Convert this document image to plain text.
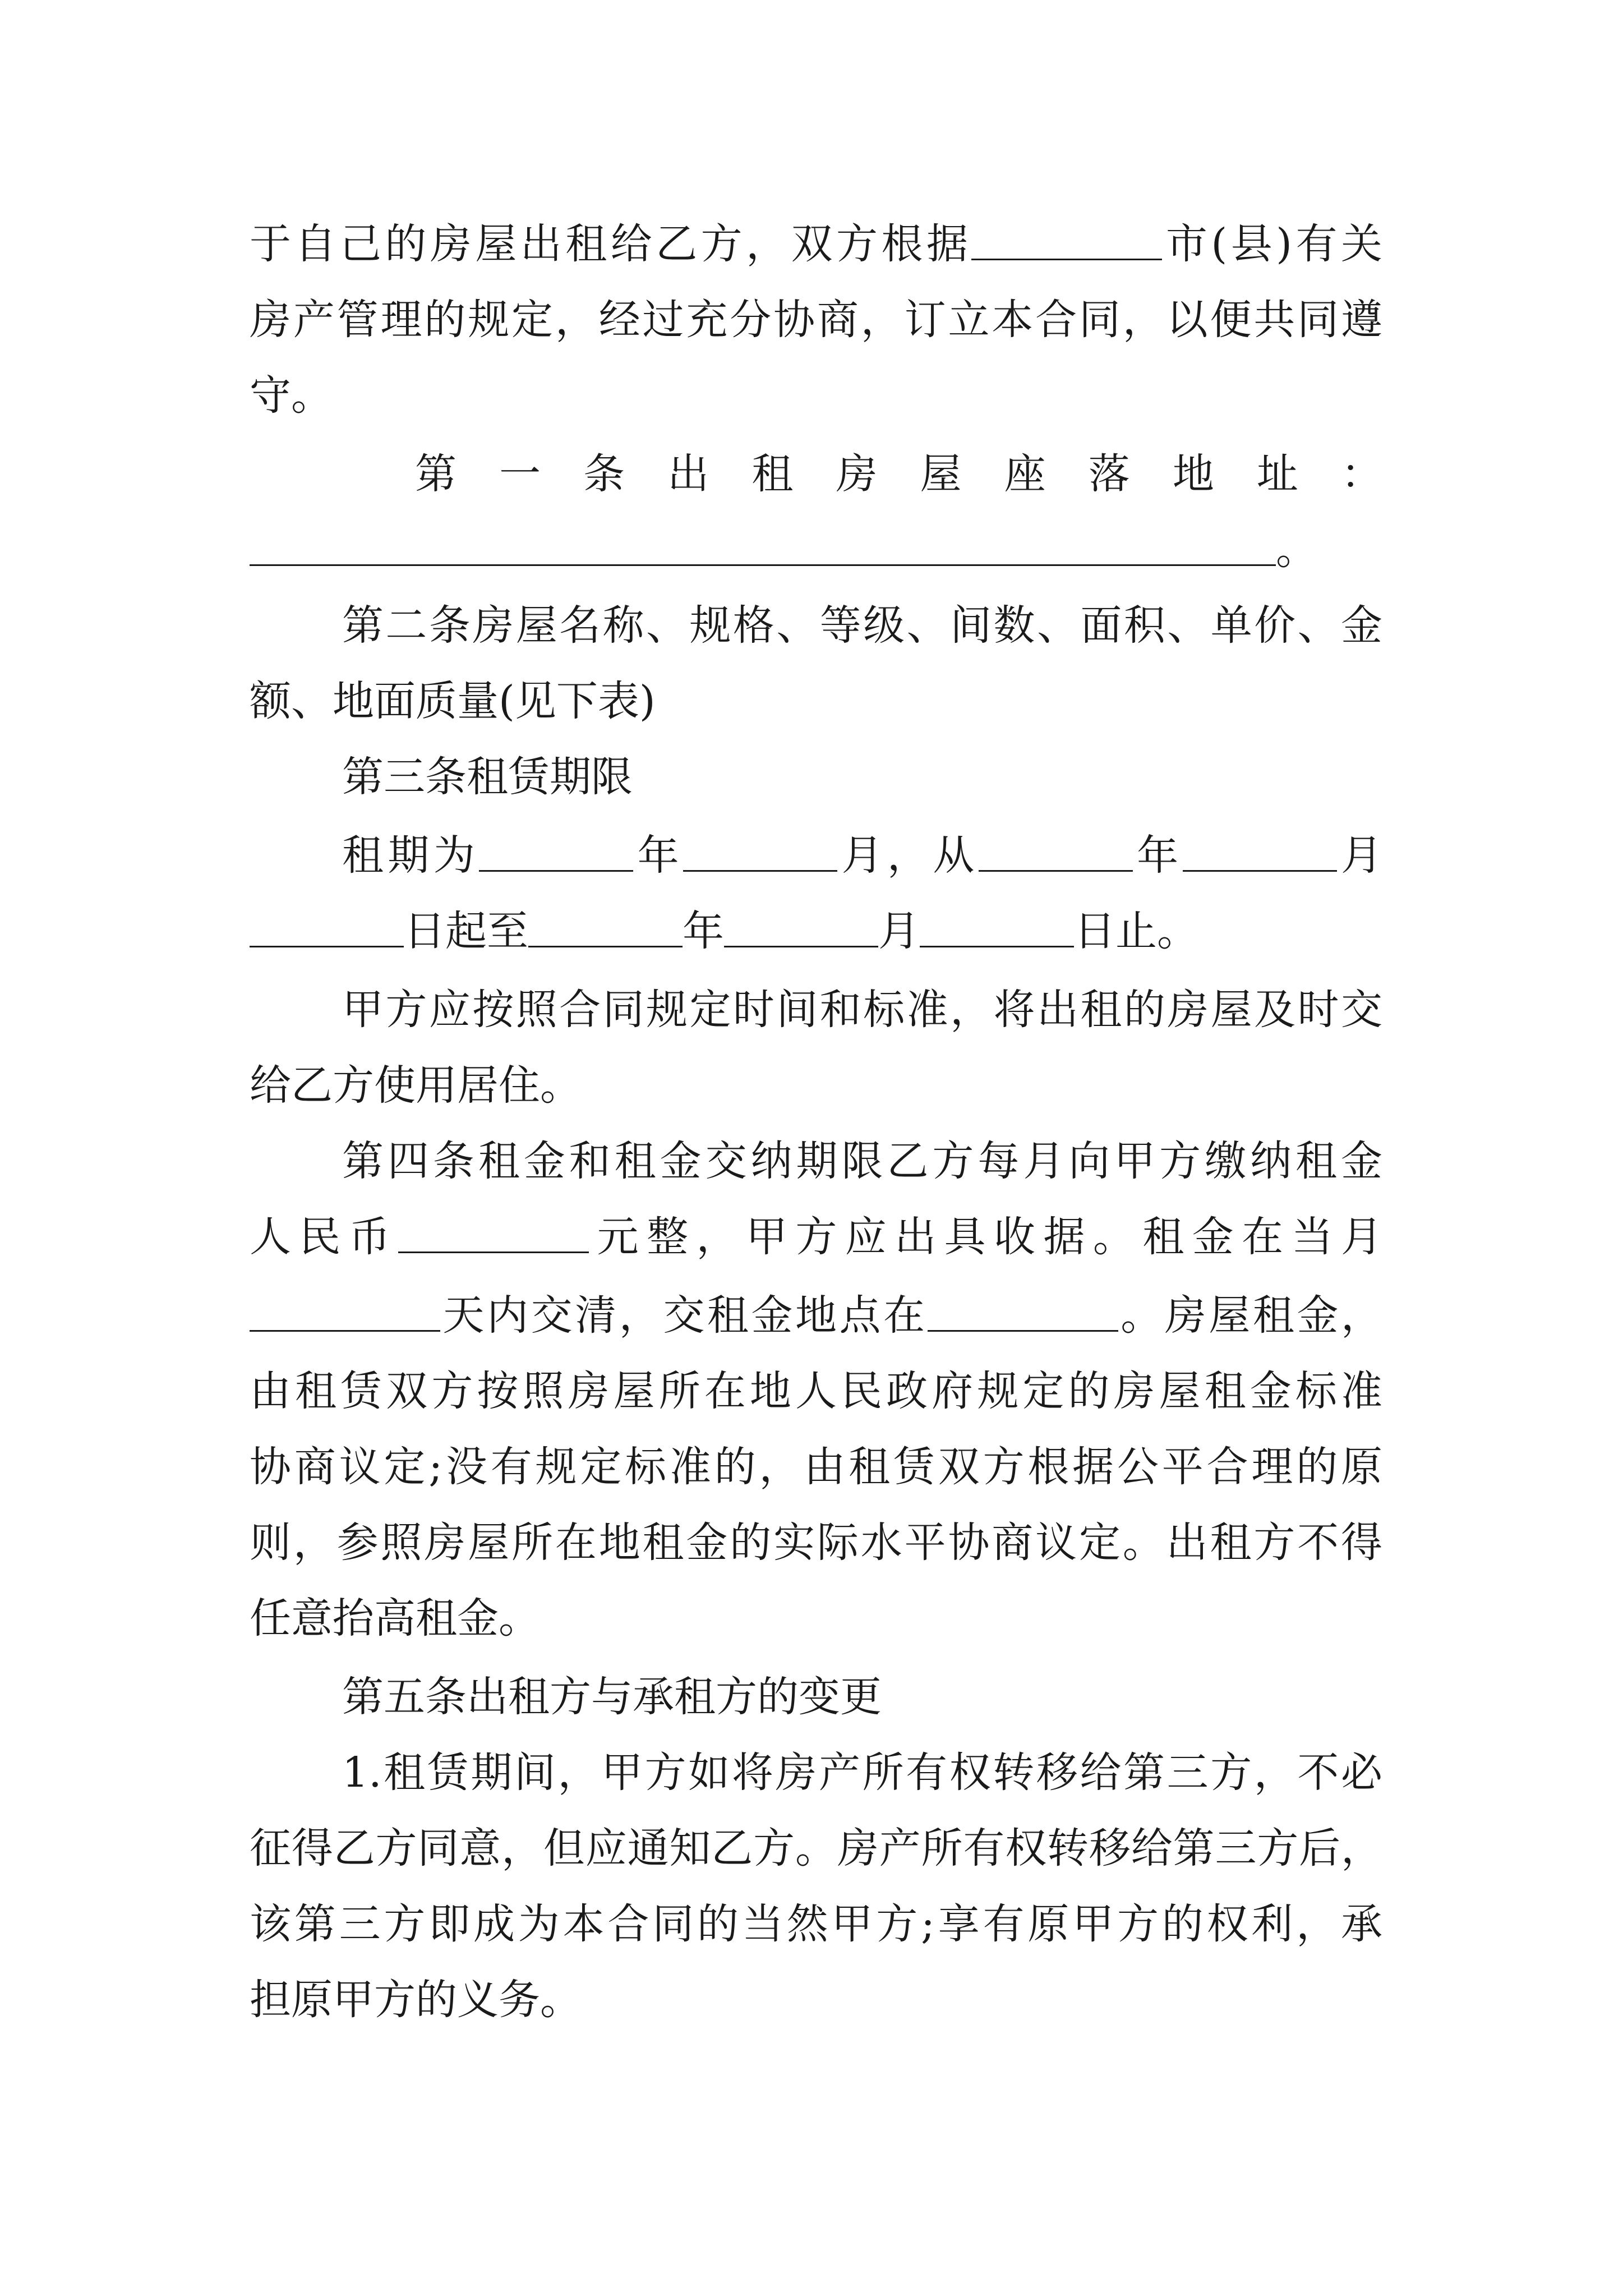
于自己的房屋出租给乙方，双方根据	市(县)有关
房产管理的规定，经过充分协商，订立本合同，以便共同遵
守。
第 一 条 出 租 房 屋 座 落 地 址 ：
。
第二条房屋名称、规格、等级、间数、面积、单价、金
额、地面质量(见下表)
第三条租赁期限
租期为	年	月，从	年	月
日起至	年	月	日止。
甲方应按照合同规定时间和标准，将出租的房屋及时交
给乙方使用居住。
第四条租金和租金交纳期限乙方每月向甲方缴纳租金
人民币	元整，甲方应出具收据。租金在当月
天内交清，交租金地点在	。房屋租金，
由租赁双方按照房屋所在地人民政府规定的房屋租金标准
协商议定;没有规定标准的，由租赁双方根据公平合理的原
则，参照房屋所在地租金的实际水平协商议定。出租方不得
任意抬高租金。
第五条出租方与承租方的变更
1.租赁期间，甲方如将房产所有权转移给第三方，不必
征得乙方同意，但应通知乙方。房产所有权转移给第三方后，
该第三方即成为本合同的当然甲方;享有原甲方的权利，承
担原甲方的义务。
